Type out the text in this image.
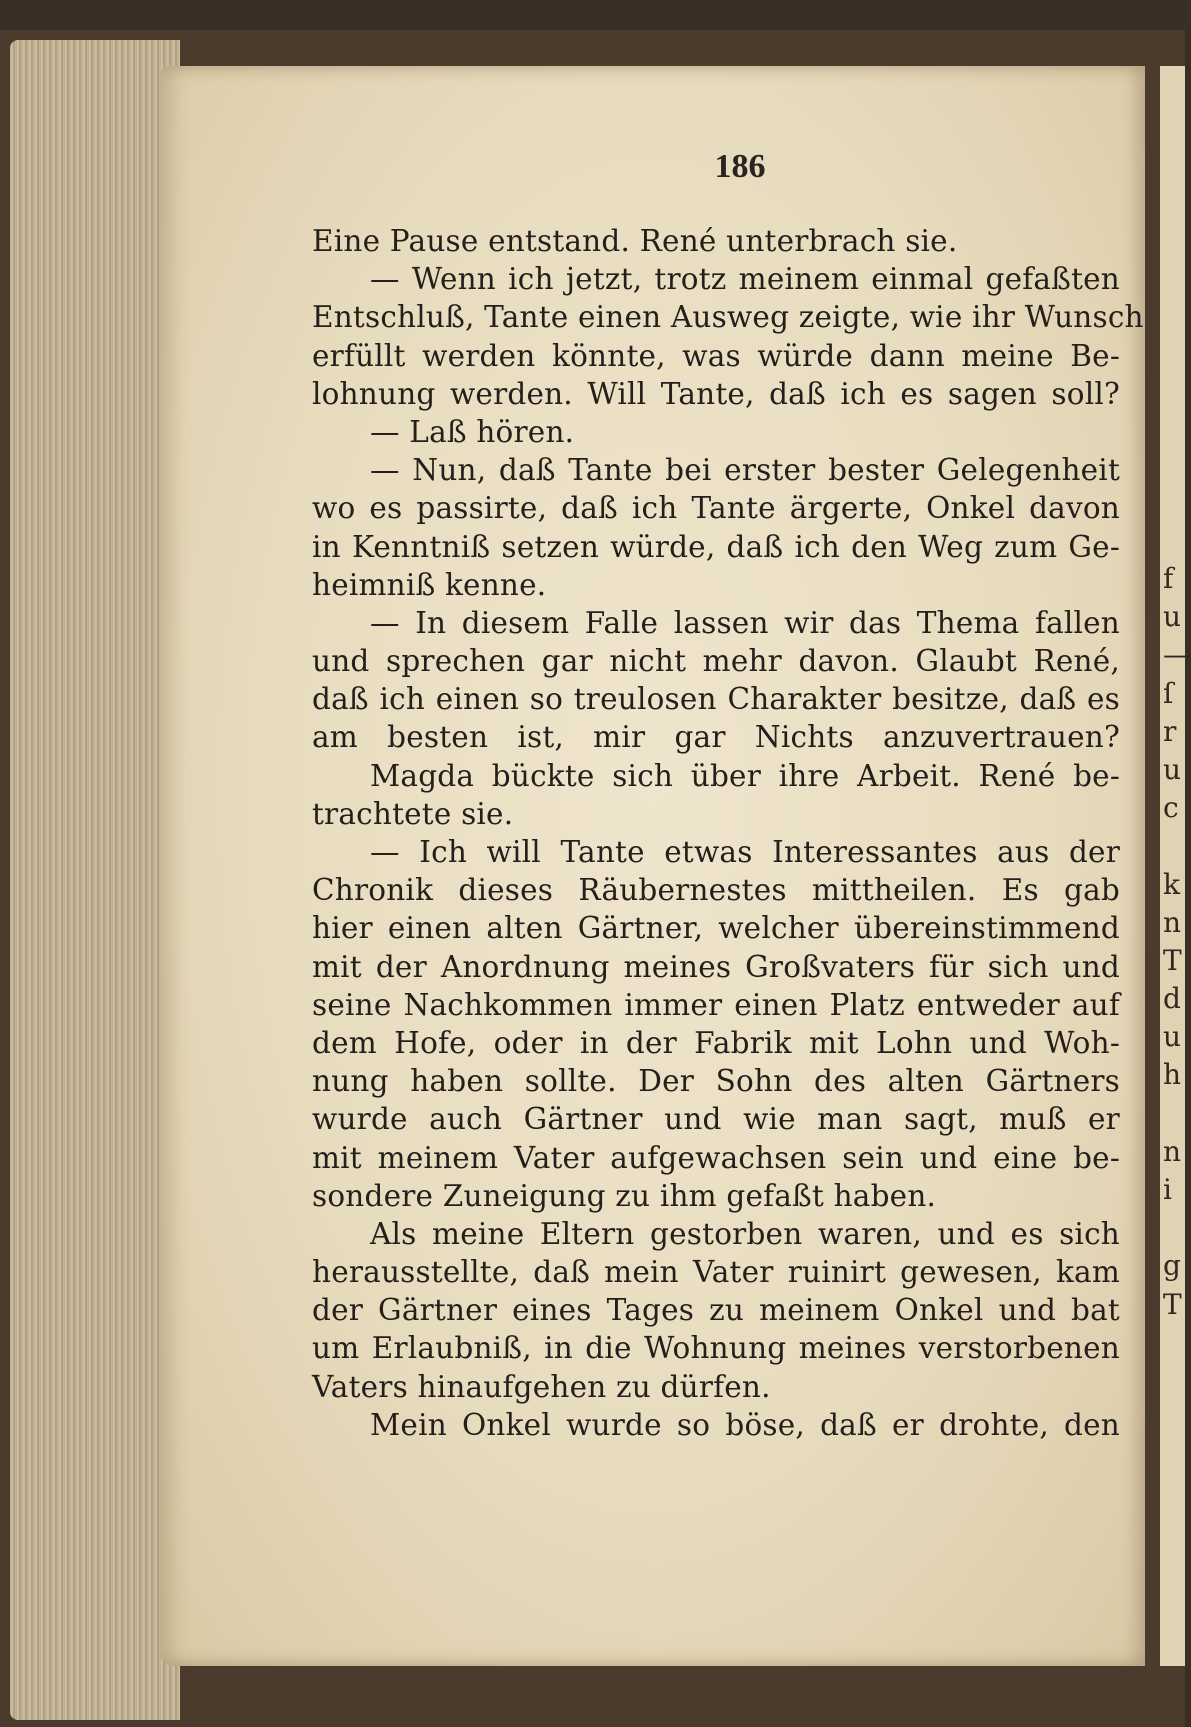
186
Eine Pause entstand. René unterbrach sie.
— Wenn ich jetzt, trotz meinem einmal gefaßten
Entschluß, Tante einen Ausweg zeigte, wie ihr Wunsch
erfüllt werden könnte, was würde dann meine Be-
lohnung werden. Will Tante, daß ich es sagen soll?
— Laß hören.
— Nun, daß Tante bei erster bester Gelegenheit
wo es passirte, daß ich Tante ärgerte, Onkel davon
in Kenntniß setzen würde, daß ich den Weg zum Ge-
heimniß kenne.
— In diesem Falle lassen wir das Thema fallen
und sprechen gar nicht mehr davon. Glaubt René,
daß ich einen so treulosen Charakter besitze, daß es
am besten ist, mir gar Nichts anzuvertrauen?
Magda bückte sich über ihre Arbeit. René be-
trachtete sie.
— Ich will Tante etwas Interessantes aus der
Chronik dieses Räubernestes mittheilen. Es gab
hier einen alten Gärtner, welcher übereinstimmend
mit der Anordnung meines Großvaters für sich und
seine Nachkommen immer einen Platz entweder auf
dem Hofe, oder in der Fabrik mit Lohn und Woh-
nung haben sollte. Der Sohn des alten Gärtners
wurde auch Gärtner und wie man sagt, muß er
mit meinem Vater aufgewachsen sein und eine be-
sondere Zuneigung zu ihm gefaßt haben.
Als meine Eltern gestorben waren, und es sich
herausstellte, daß mein Vater ruinirt gewesen, kam
der Gärtner eines Tages zu meinem Onkel und bat
um Erlaubniß, in die Wohnung meines verstorbenen
Vaters hinaufgehen zu dürfen.
Mein Onkel wurde so böse, daß er drohte, den
f
u
—
ſ
r
u
c
k
n
T
d
u
h
n
i
g
T
